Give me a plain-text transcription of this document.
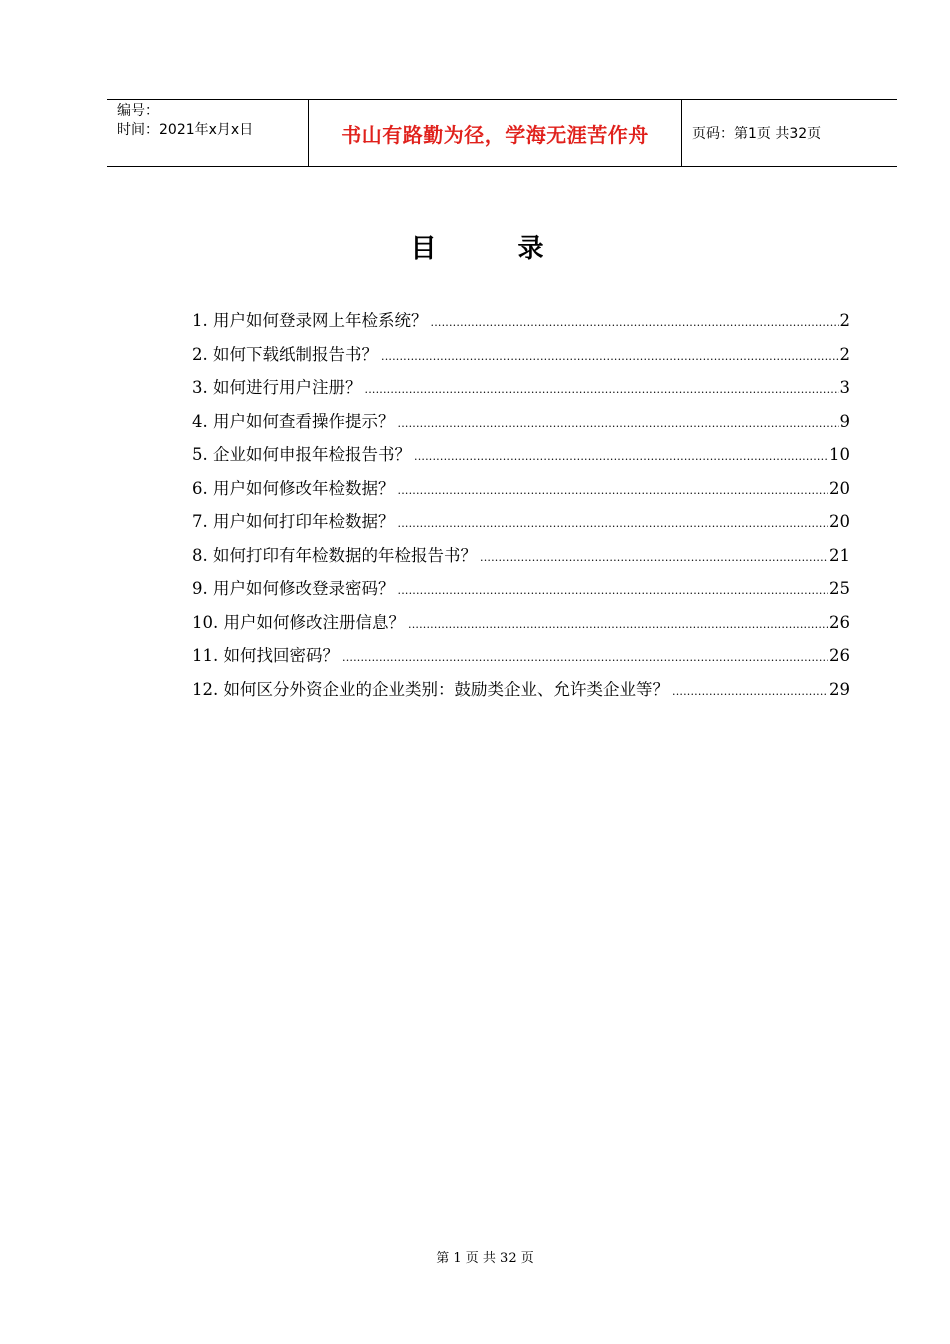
编号：
时间：2021年x月x日	书山有路勤为径，学海无涯苦作舟	页码：第1页 共32页
目 录
1. 用户如何登录网上年检系统？ .....	2
2. 如何下载纸制报告书？ .....	2
3. 如何进行用户注册？ .....	3
4. 用户如何查看操作提示？ .....	9
5. 企业如何申报年检报告书？ .....	10
6. 用户如何修改年检数据？ .....	20
7. 用户如何打印年检数据？ .....	20
8. 如何打印有年检数据的年检报告书？ .....	21
9. 用户如何修改登录密码？ .....	25
10. 用户如何修改注册信息？ .....	26
11. 如何找回密码？ .....	26
12. 如何区分外资企业的企业类别：鼓励类企业、允许类企业等？ .....	29
第 1 页 共 32 页
